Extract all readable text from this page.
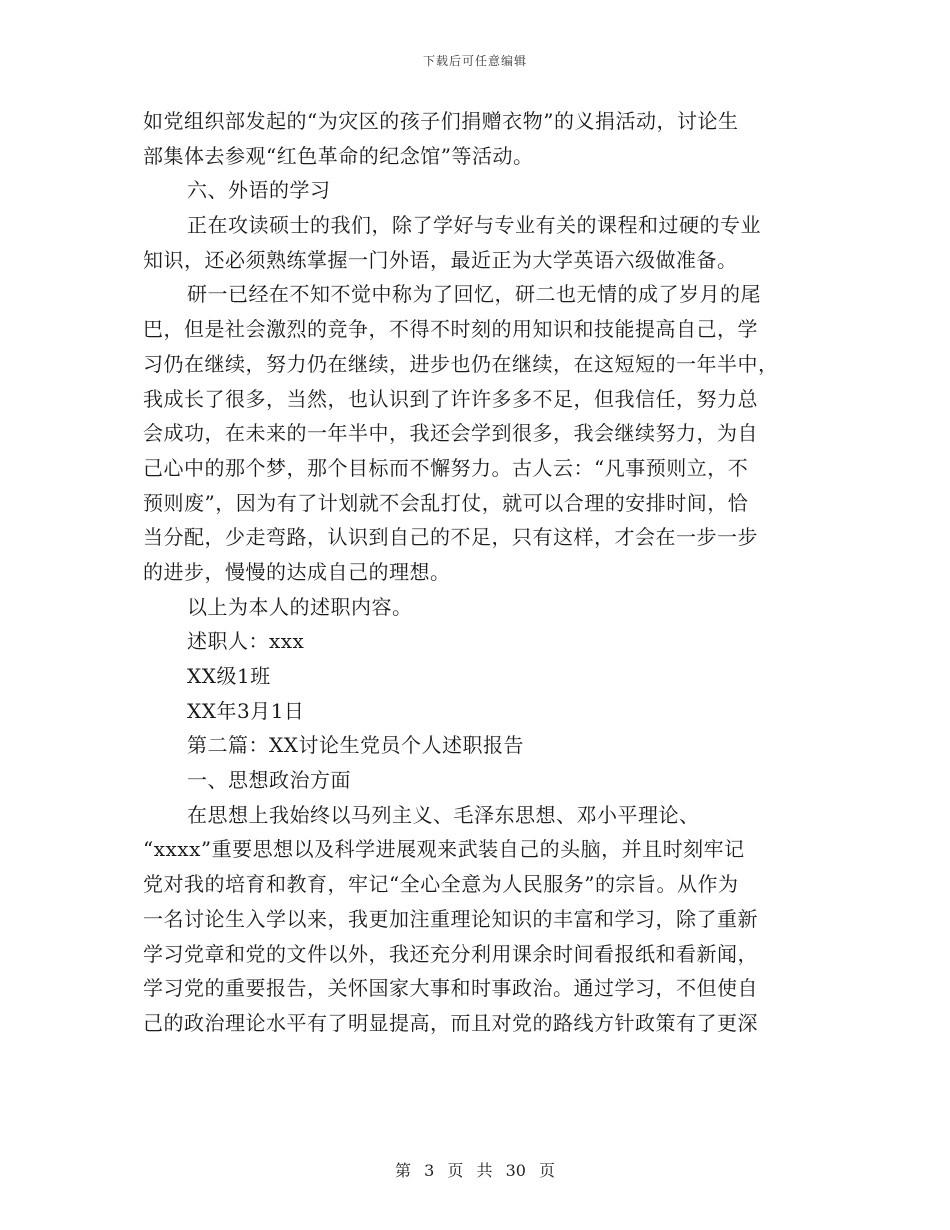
下载后可任意编辑
如党组织部发起的“为灾区的孩子们捐赠衣物”的义捐活动，讨论生
部集体去参观“红色革命的纪念馆”等活动。
六、外语的学习
正在攻读硕士的我们，除了学好与专业有关的课程和过硬的专业
知识，还必须熟练掌握一门外语，最近正为大学英语六级做准备。
研一已经在不知不觉中称为了回忆，研二也无情的成了岁月的尾
巴，但是社会激烈的竞争，不得不时刻的用知识和技能提高自己，学
习仍在继续，努力仍在继续，进步也仍在继续，在这短短的一年半中，
我成长了很多，当然，也认识到了许许多多不足，但我信任，努力总
会成功，在未来的一年半中，我还会学到很多，我会继续努力，为自
己心中的那个梦，那个目标而不懈努力。古人云：“凡事预则立，不
预则废”，因为有了计划就不会乱打仗，就可以合理的安排时间，恰
当分配，少走弯路，认识到自己的不足，只有这样，才会在一步一步
的进步，慢慢的达成自己的理想。
以上为本人的述职内容。
述职人：xxx
XX级1班
XX年3月1日
第二篇：XX讨论生党员个人述职报告
一、思想政治方面
在思想上我始终以马列主义、毛泽东思想、邓小平理论、
“xxxx”重要思想以及科学进展观来武装自己的头脑，并且时刻牢记
党对我的培育和教育，牢记“全心全意为人民服务”的宗旨。从作为
一名讨论生入学以来，我更加注重理论知识的丰富和学习，除了重新
学习党章和党的文件以外，我还充分利用课余时间看报纸和看新闻，
学习党的重要报告，关怀国家大事和时事政治。通过学习，不但使自
己的政治理论水平有了明显提高，而且对党的路线方针政策有了更深
第 3 页 共 30 页
